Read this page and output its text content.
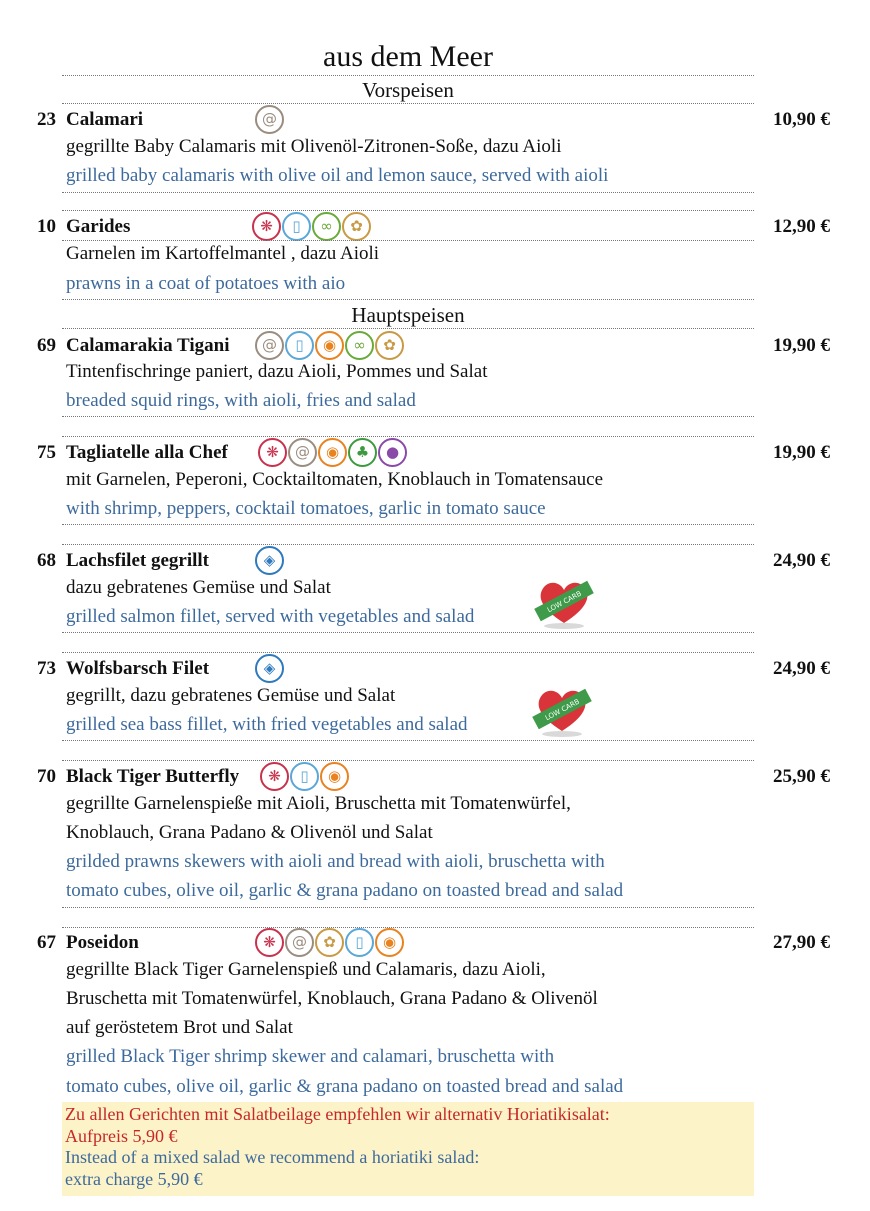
aus dem Meer
Vorspeisen
23 Calamari	@	10,90 €
gegrillte Baby Calamaris mit Olivenöl-Zitronen-Soße, dazu Aioli
grilled baby calamaris with olive oil and lemon sauce, served with aioli
10 Garides	❋	▯	∞	✿	12,90 €
Garnelen im Kartoffelmantel , dazu Aioli
prawns in a coat of potatoes with aio
Hauptspeisen
69 Calamarakia Tigani	@	▯	◉	∞	✿	19,90 €
Tintenfischringe paniert, dazu Aioli, Pommes und Salat
breaded squid rings, with aioli, fries and salad
75 Tagliatelle alla Chef	❋	@	◉	♣	●	19,90 €
mit Garnelen, Peperoni, Cocktailtomaten, Knoblauch in Tomatensauce
with shrimp, peppers, cocktail tomatoes, garlic in tomato sauce
68 Lachsfilet gegrillt	◈	24,90 €
dazu gebratenes Gemüse und Salat
grilled salmon fillet, served with vegetables and salad
LOW CARB
73 Wolfsbarsch Filet	◈	24,90 €
gegrillt, dazu gebratenes Gemüse und Salat
grilled sea bass fillet, with fried vegetables and salad
LOW CARB
70 Black Tiger Butterfly	❋	▯	◉	25,90 €
gegrillte Garnelenspieße mit Aioli, Bruschetta mit Tomatenwürfel,
Knoblauch, Grana Padano & Olivenöl und Salat
grilded prawns skewers with aioli and bread with aioli, bruschetta with
tomato cubes, olive oil, garlic & grana padano on toasted bread and salad
67 Poseidon	❋	@	✿	▯	◉	27,90 €
gegrillte Black Tiger Garnelenspieß und Calamaris, dazu Aioli,
Bruschetta mit Tomatenwürfel, Knoblauch, Grana Padano & Olivenöl
auf geröstetem Brot und Salat
grilled Black Tiger shrimp skewer and calamari, bruschetta with
tomato cubes, olive oil, garlic & grana padano on toasted bread and salad
Zu allen Gerichten mit Salatbeilage empfehlen wir alternativ Horiatikisalat:
Aufpreis 5,90 €
Instead of a mixed salad we recommend a horiatiki salad:
extra charge 5,90 €
